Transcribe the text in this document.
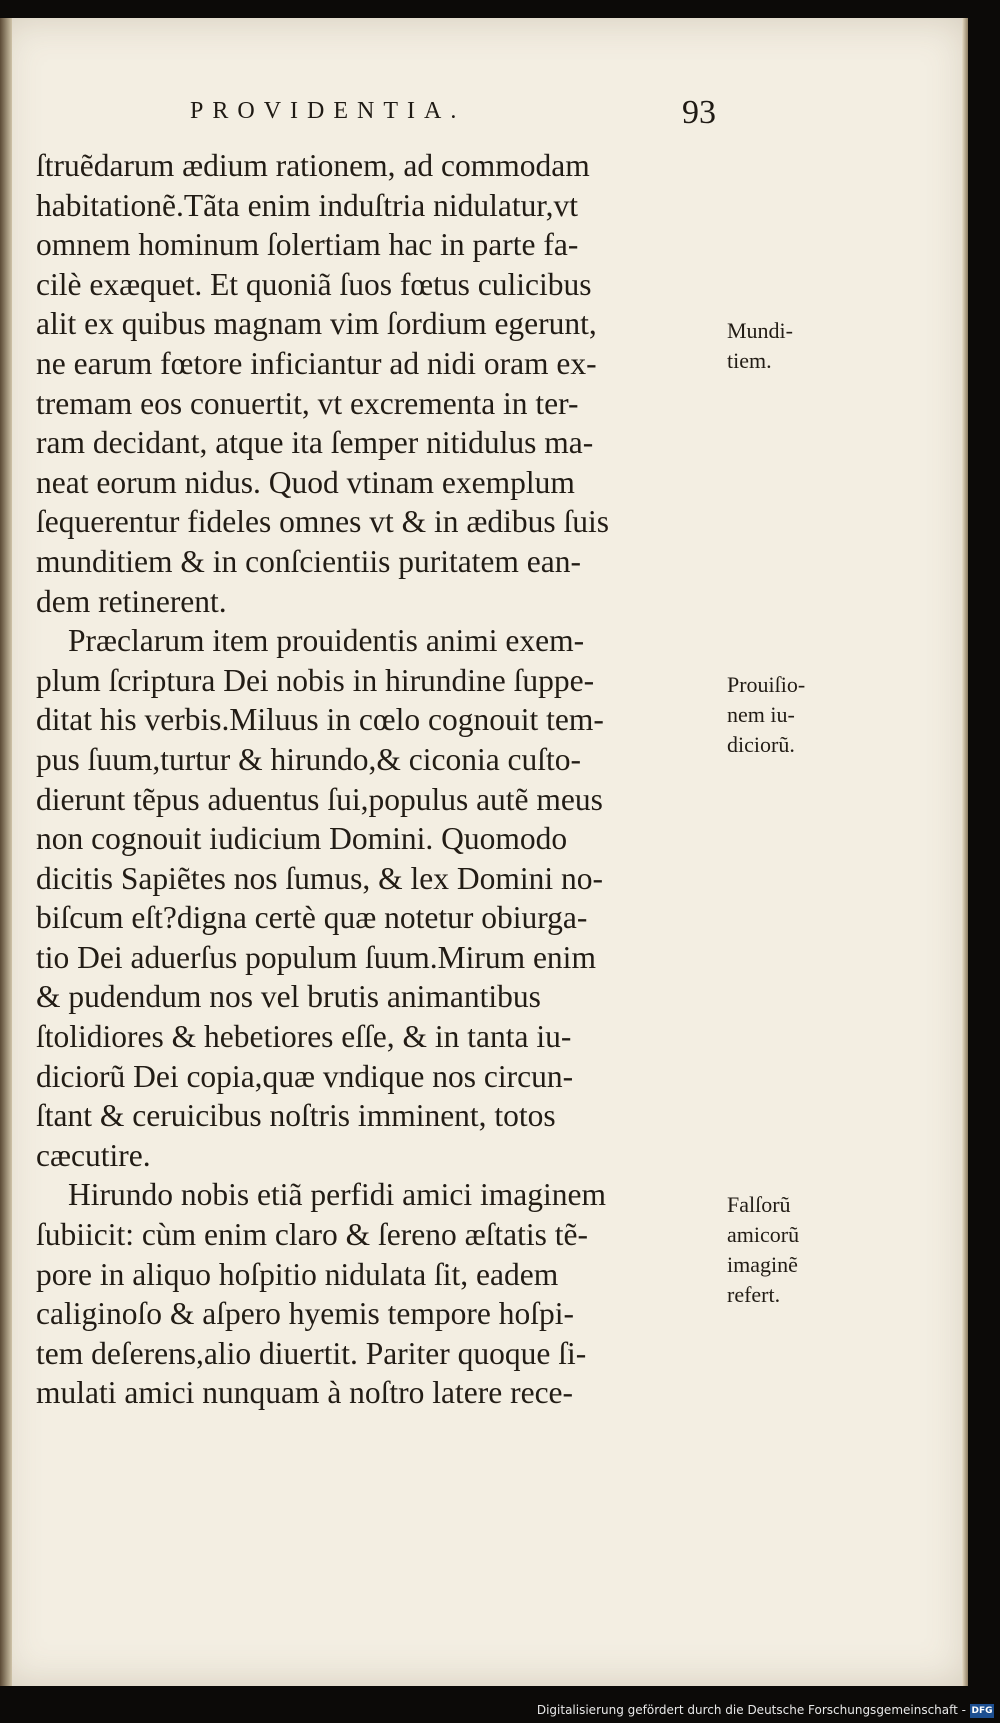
PROVIDENTIA.	93
ſtruẽdarum ædium rationem, ad commodam
habitationẽ.Tãta enim induſtria nidulatur,vt
omnem hominum ſolertiam hac in parte fa-
cilè exæquet. Et quoniã ſuos fœtus culicibus
alit ex quibus magnam vim ſordium egerunt,
ne earum fœtore inficiantur ad nidi oram ex-
tremam eos conuertit, vt excrementa in ter-
ram decidant, atque ita ſemper nitidulus ma-
neat eorum nidus. Quod vtinam exemplum
ſequerentur fideles omnes vt & in ædibus ſuis
munditiem & in conſcientiis puritatem ean-
dem retinerent.
Præclarum item prouidentis animi exem-
plum ſcriptura Dei nobis in hirundine ſuppe-
ditat his verbis.Miluus in cœlo cognouit tem-
pus ſuum,turtur & hirundo,& ciconia cuſto-
dierunt tẽpus aduentus ſui,populus autẽ meus
non cognouit iudicium Domini. Quomodo
dicitis Sapiẽtes nos ſumus, & lex Domini no-
biſcum eſt?digna certè quæ notetur obiurga-
tio Dei aduerſus populum ſuum.Mirum enim
& pudendum nos vel brutis animantibus
ſtolidiores & hebetiores eſſe, & in tanta iu-
diciorũ Dei copia,quæ vndique nos circun-
ſtant & ceruicibus noſtris imminent, totos
cæcutire.
Hirundo nobis etiã perfidi amici imaginem
ſubiicit: cùm enim claro & ſereno æſtatis tẽ-
pore in aliquo hoſpitio nidulata ſit, eadem
caliginoſo & aſpero hyemis tempore hoſpi-
tem deſerens,alio diuertit. Pariter quoque ſi-
mulati amici nunquam à noſtro latere rece-
Mundi-
tiem.
Prouiſio-
nem iu-
diciorũ.
Falſorũ
amicorũ
imaginẽ
refert.
Digitalisierung gefördert durch die Deutsche Forschungsgemeinschaft - DFG
